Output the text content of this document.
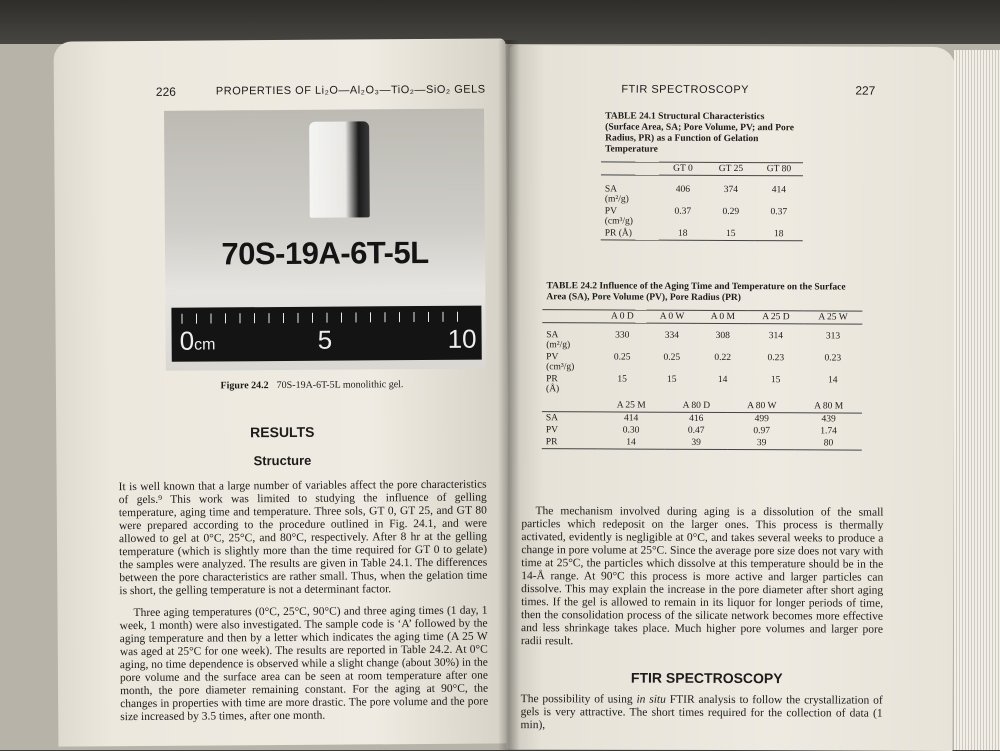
226	PROPERTIES OF Li₂O—Al₂O₃—TiO₂—SiO₂ GELS
70S-19A-6T-5L
0cm	5	10
Figure 24.2 70S-19A-6T-5L monolithic gel.
RESULTS
Structure

It is well known that a large number of variables affect the pore characteristics of gels.⁹ This work was limited to studying the influence of gelling temperature, aging time and temperature. Three sols, GT 0, GT 25, and GT 80 were prepared according to the procedure outlined in Fig. 24.1, and were allowed to gel at 0°C, 25°C, and 80°C, respectively. After 8 hr at the gelling temperature (which is slightly more than the time required for GT 0 to gelate) the samples were analyzed. The results are given in Table 24.1. The differences between the pore characteristics are rather small. Thus, when the gelation time is short, the gelling temperature is not a determinant factor.

Three aging temperatures (0°C, 25°C, 90°C) and three aging times (1 day, 1 week, 1 month) were also investigated. The sample code is ‘A’ followed by the aging temperature and then by a letter which indicates the aging time (A 25 W was aged at 25°C for one week). The results are reported in Table 24.2. At 0°C aging, no time dependence is observed while a slight change (about 30%) in the pore volume and the surface area can be seen at room temperature after one month, the pore diameter remaining constant. For the aging at 90°C, the changes in properties with time are more drastic. The pore volume and the pore size increased by 3.5 times, after one month.

FTIR SPECTROSCOPY	227
TABLE 24.1 Structural Characteristics (Surface Area, SA; Pore Volume, PV; and Pore Radius, PR) as a Function of Gelation Temperature
	GT 0	GT 25	GT 80

SA
(m²/g)	406	374	414
PV
(cm³/g)	0.37	0.29	0.37
PR (Å)	18	15	18
TABLE 24.2 Influence of the Aging Time and Temperature on the Surface Area (SA), Pore Volume (PV), Pore Radius (PR)
	A 0 D	A 0 W	A 0 M	A 25 D	A 25 W

SA
(m²/g)	330	334	308	314	313
PV
(cm³/g)	0.25	0.25	0.22	0.23	0.23
PR
(Å)	15	15	14	15	14
	A 25 M	A 80 D	A 80 W	A 80 M
SA	414	416	499	439
PV	0.30	0.47	0.97	1.74
PR	14	39	39	80

The mechanism involved during aging is a dissolution of the small particles which redeposit on the larger ones. This process is thermally activated, evidently is negligible at 0°C, and takes several weeks to produce a change in pore volume at 25°C. Since the average pore size does not vary with time at 25°C, the particles which dissolve at this temperature should be in the 14-Å range. At 90°C this process is more active and larger particles can dissolve. This may explain the increase in the pore diameter after short aging times. If the gel is allowed to remain in its liquor for longer periods of time, then the consolidation process of the silicate network becomes more effective and less shrinkage takes place. Much higher pore volumes and larger pore radii result.

FTIR SPECTROSCOPY

The possibility of using in situ FTIR analysis to follow the crystallization of gels is very attractive. The short times required for the collection of data (1 min),
